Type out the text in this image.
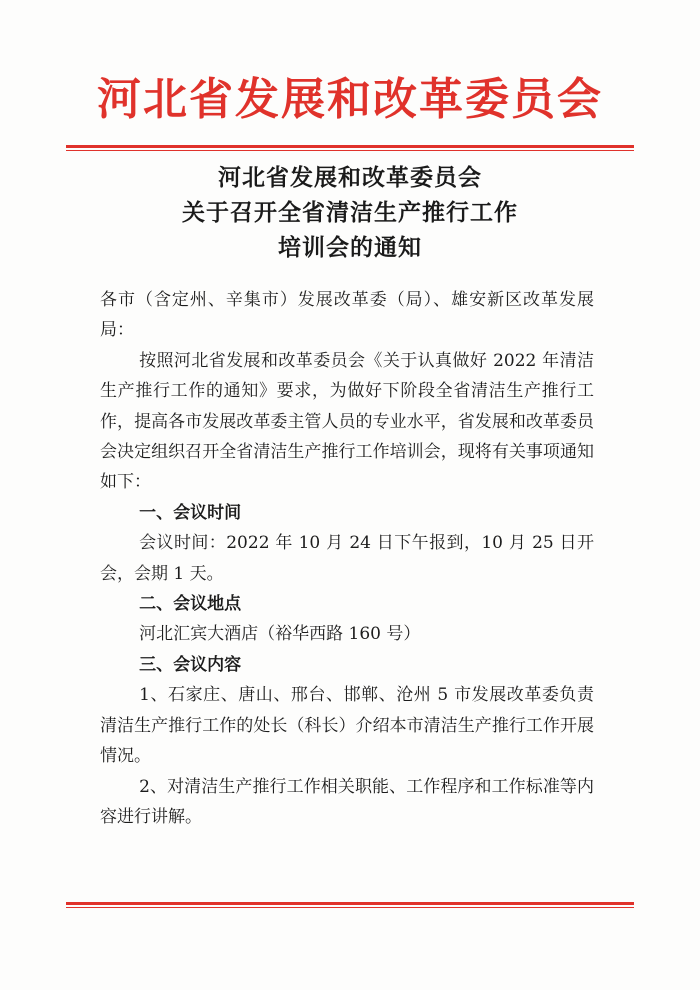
河北省发展和改革委员会
河北省发展和改革委员会
关于召开全省清洁生产推行工作
培训会的通知

各市（含定州、辛集市）发展改革委（局）、雄安新区改革发展局：

按照河北省发展和改革委员会《关于认真做好 2022 年清洁生产推行工作的通知》要求，为做好下阶段全省清洁生产推行工作，提高各市发展改革委主管人员的专业水平，省发展和改革委员会决定组织召开全省清洁生产推行工作培训会，现将有关事项通知如下：

一、会议时间

会议时间：2022 年 10 月 24 日下午报到，10 月 25 日开会，会期 1 天。

二、会议地点

河北汇宾大酒店（裕华西路 160 号）

三、会议内容

1、石家庄、唐山、邢台、邯郸、沧州 5 市发展改革委负责清洁生产推行工作的处长（科长）介绍本市清洁生产推行工作开展情况。

2、对清洁生产推行工作相关职能、工作程序和工作标准等内容进行讲解。
